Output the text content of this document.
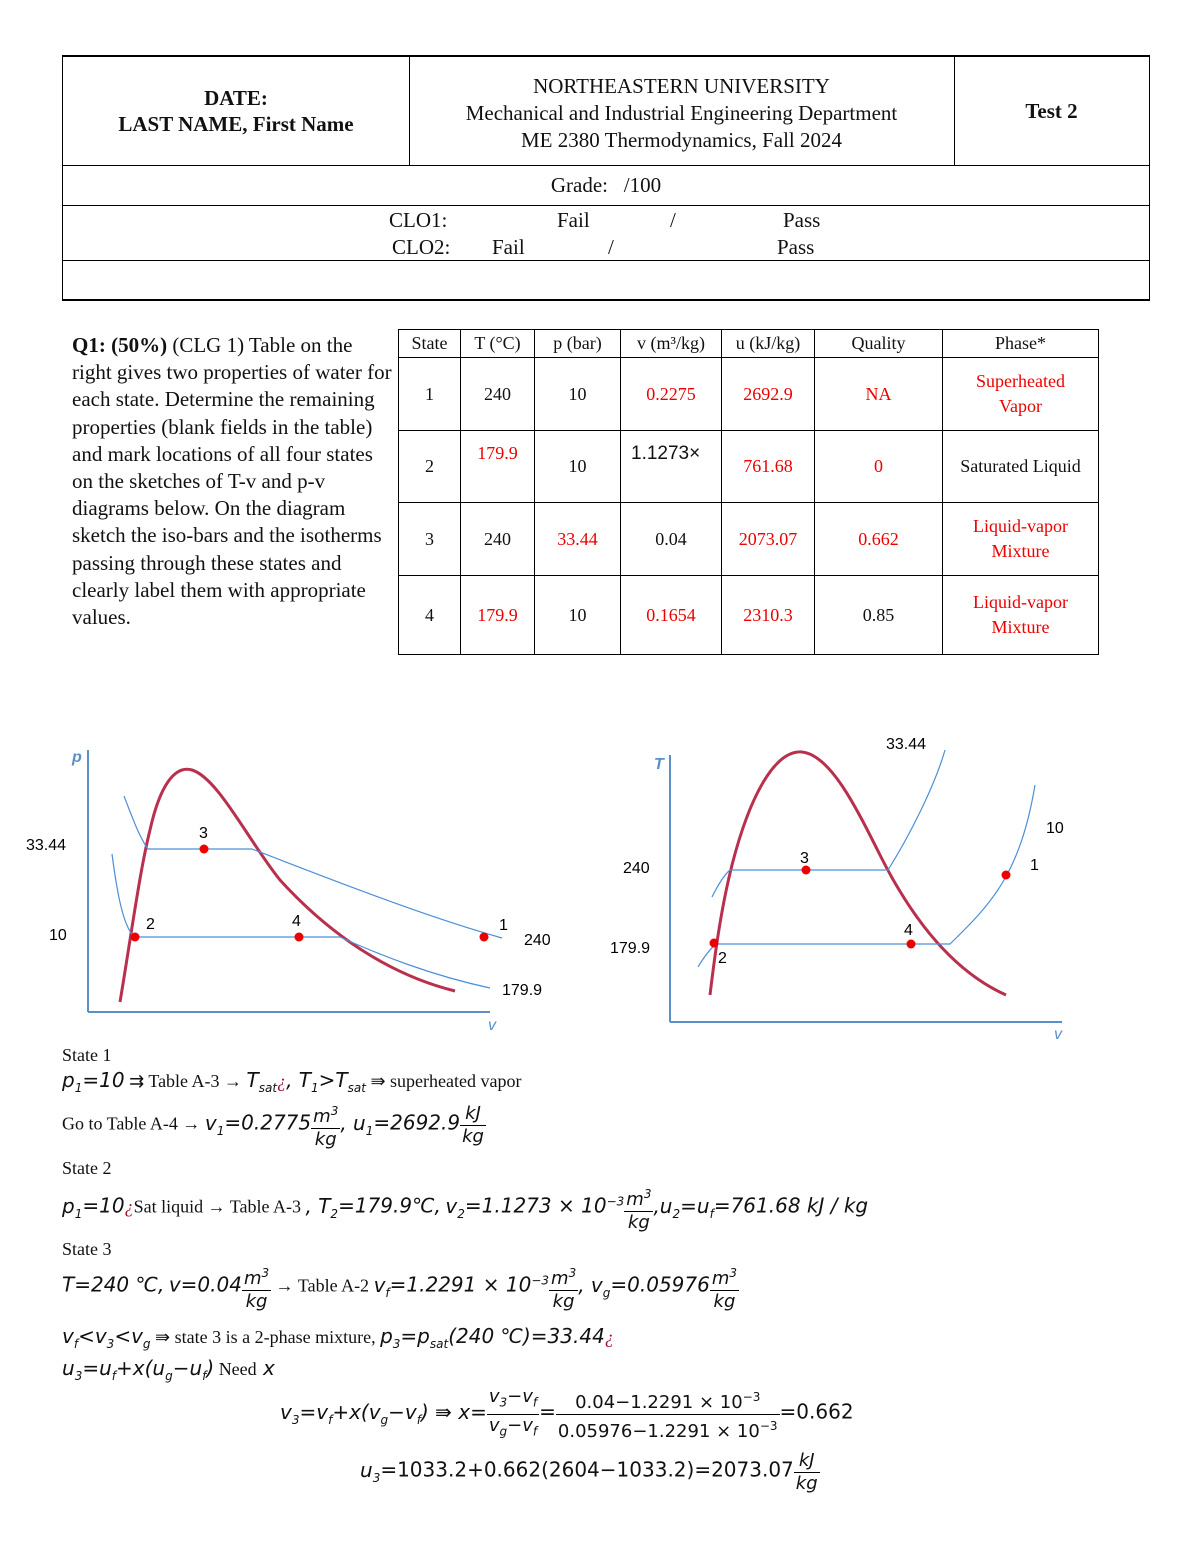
DATE:
LAST NAME, First Name
NORTHEASTERN UNIVERSITY
Mechanical and Industrial Engineering Department
ME 2380 Thermodynamics, Fall 2024
Test 2
Grade:   /100
CLO1:	Fail	/	Pass
CLO2: Fail	/	Pass
Q1: (50%) (CLG 1) Table on the right gives two properties of water for each state. Determine the remaining properties (blank fields in the table) and mark locations of all four states on the sketches of T-v and p-v diagrams below. On the diagram sketch the iso-bars and the isotherms passing through these states and clearly label them with appropriate values.
State	T (°C)	p (bar)	v (m³/kg)	u (kJ/kg)	Quality	Phase*
1	240	10	0.2275	2692.9	NA	Superheated Vapor
2	179.9	10	1.1273×	761.68	0	Saturated Liquid
3	240	33.44	0.04	2073.07	0.662	Liquid-vapor Mixture
4	179.9	10	0.1654	2310.3	0.85	Liquid-vapor Mixture
p
v
3
2	4	1
33.44
10	240
179.9
T
v
3
2
4
1
33.44
10
240
179.9
State 1
$p_1=10$ ⇉ Table $A-3 \to T_{sat}¿$, $T_1>T_{sat}$ ⇛ superheated vapor
Go to Table $A-4 \to v_1=0.2775 \frac{m^3}{kg}$ , $u_1=2692.9 \frac{kJ}{kg}$
State 2
$p_1=10¿Sat$ liquid → Table A-3 , $T_2=179.9℃$, $v_2=1.1273 \times 10^{-3} \frac{m^3}{kg} ,u_2=u_f=761.68$ kJ / kg
State 3
T=240 ℃, $v=0.04 \frac{m^3}{kg}$ → Table A-2 $v_f=1.2291 \times 10^{-3} \frac{m^3}{kg}$ , $v_g=0.05976 \frac{m^3}{kg}$
$v_f<v_3<v_g$ ⇛ state 3 is a 2-phase mixture, $p_3=p_{sat}(240$ ℃)=33.44¿
$u_3=u_f+x(u_g-u_f)$ Need x
$v_3=v_f+x(v_g-v_f)$ ⇛ $x= \frac{v_3-v_f}{v_g-v_f} = \frac{0.04-1.2291 \times 10^{-3}}{0.05976-1.2291 \times 10^{-3}} =0.662$
$u_3=1033.2+0.662(2604-1033.2)=2073.07 \frac{kJ}{kg}$
